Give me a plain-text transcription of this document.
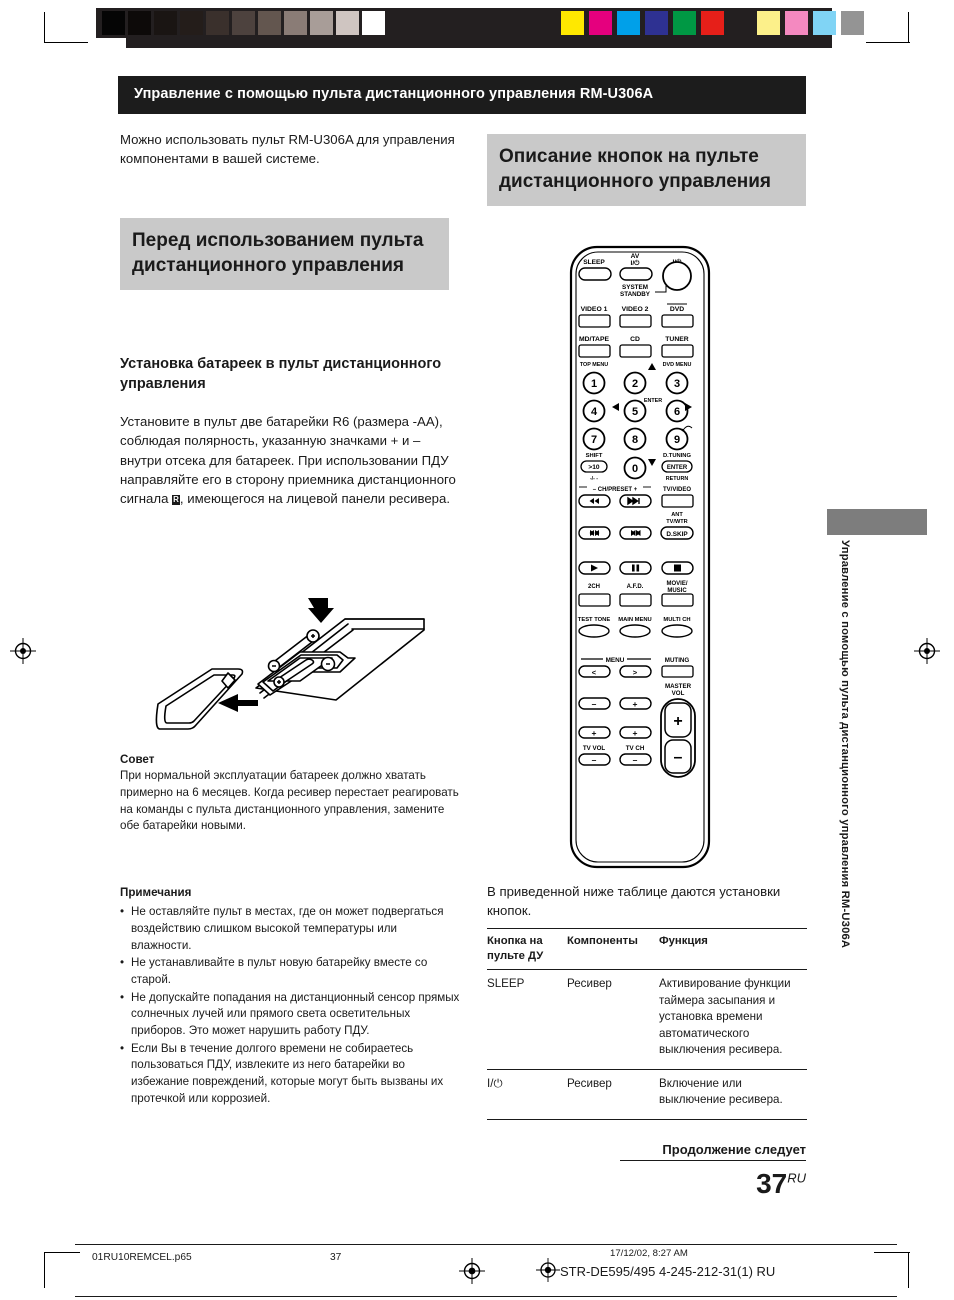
Управление с помощью пульта дистанционного управления RM-U306A

Можно использовать пульт RM-U306A для управления компонентами в вашей системе.

Перед использованием пульта дистанционного управления
Установка батареек в пульт дистанционного управления
Установите в пульт две батарейки R6 (размера -AA), соблюдая полярность, указанную значками + и – внутри отсека для батареек. При использовании ПДУ направляйте его в сторону приемника дистанционного сигнала R, имеющегося на лицевой панели ресивера.
Совет
При нормальной эксплуатации батареек должно хватать примерно на 6 месяцев. Когда ресивер перестает реагировать на команды с пульта дистанционного управления, замените обе батарейки новыми.
Примечания
• Не оставляйте пульт в местах, где он может подвергаться воздействию слишком высокой температуры или влажности.
• Не устанавливайте в пульт новую батарейку вместе со старой.
• Не допускайте попадания на дистанционный сенсор прямых солнечных лучей или прямого света осветительных приборов. Это может нарушить работу ПДУ.
• Если Вы в течение долгого времени не собираетесь пользоваться ПДУ, извлеките из него батарейки во избежание повреждений, которые могут быть вызваны их протечкой или коррозией.
Описание кнопок на пульте дистанционного управления
SLEEP
AV
I/⏻
SYSTEM
STANDBY
VIDEO 1 VIDEO 2	DVD
MD/TAPE	CD	TUNER
TOP MENU	DVD MENU
1	2	3
4	5	6
7	8	9
0
ENTER
SHIFT	D.TUNING
>10
-/- -
ENTER
RETURN
– CH/PRESET +	TV/VIDEO
ANT
TV/WTR
D.SKIP
2CH	A.F.D.	MOVIE/
MUSIC
TEST TONE MAIN MENU MULTI CH
MENU	MUTING
<	>
MASTER
VOL
+
–
–	+
+	+
TV VOL	TV CH
–	–
В приведенной ниже таблице даются установки кнопок.
Кнопка на пульте ДУ	Компоненты	Функция
SLEEP	Ресивер	Активирование функции таймера засыпания и установка времени автоматического выключения ресивера.
I/⏻	Ресивер	Включение или выключение ресивера.
Продолжение следует
$37^{RU}$
Управление с помощью пульта дистанционного управления RM-U306A
01RU10REMCEL.p65	37	17/12/02, 8:27 AM
STR-DE595/495 4-245-212-31(1) RU
